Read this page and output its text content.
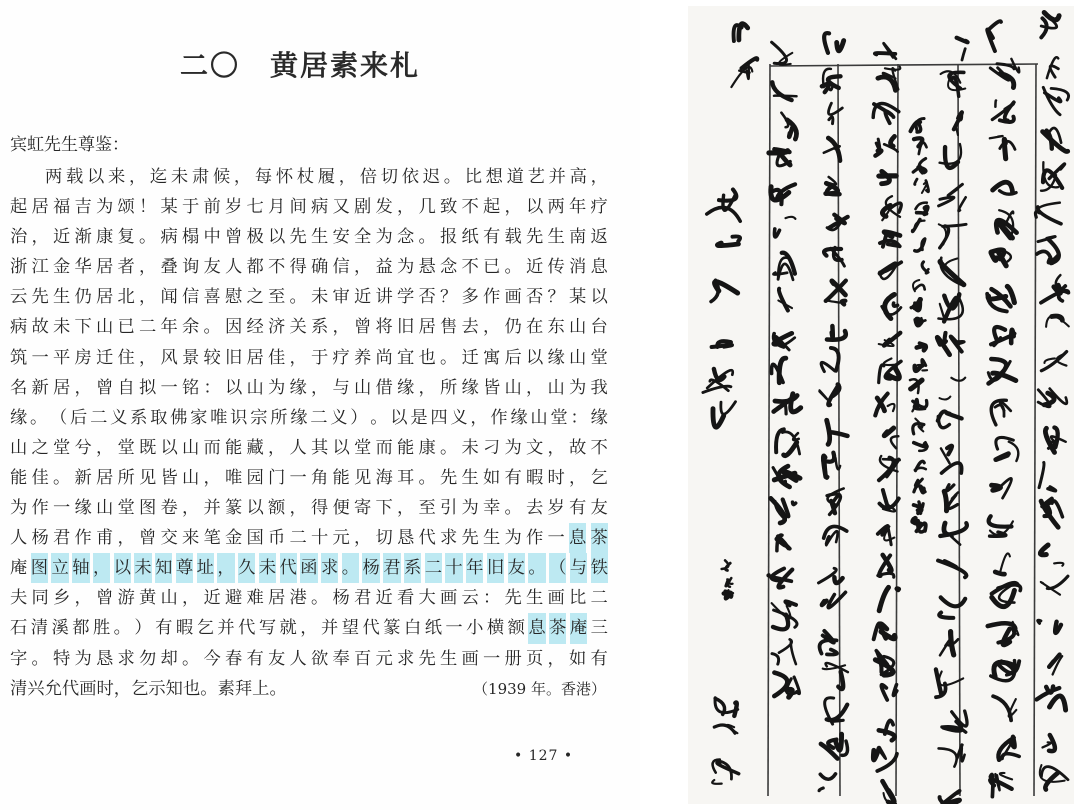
二〇 黄居素来札
宾虹先生尊鉴：
两 载 以 来 ， 迄 未 肃 候 ， 每 怀 杖 履 ， 倍 切 依 迟 。 比 想 道 艺 并 高 ，
起 居 福 吉 为 颂 ！ 某 于 前 岁 七 月 间 病 又 剧 发 ， 几 致 不 起 ， 以 两 年 疗
治 ， 近 渐 康 复 。 病 榻 中 曾 极 以 先 生 安 全 为 念 。 报 纸 有 载 先 生 南 返
浙 江 金 华 居 者 ， 叠 询 友 人 都 不 得 确 信 ， 益 为 悬 念 不 已 。 近 传 消 息
云 先 生 仍 居 北 ， 闻 信 喜 慰 之 至 。 未 审 近 讲 学 否 ？ 多 作 画 否 ？ 某 以
病 故 未 下 山 已 二 年 余 。 因 经 济 关 系 ， 曾 将 旧 居 售 去 ， 仍 在 东 山 台
筑 一 平 房 迁 住 ， 风 景 较 旧 居 佳 ， 于 疗 养 尚 宜 也 。 迁 寓 后 以 缘 山 堂
名 新 居 ， 曾 自 拟 一 铭 ： 以 山 为 缘 ， 与 山 借 缘 ， 所 缘 皆 山 ， 山 为 我
缘 。 （ 后 二 义 系 取 佛 家 唯 识 宗 所 缘 二 义 ） 。 以 是 四 义 ， 作 缘 山 堂 ： 缘
山 之 堂 兮 ， 堂 既 以 山 而 能 藏 ， 人 其 以 堂 而 能 康 。 未 刁 为 文 ， 故 不
能 佳 。 新 居 所 见 皆 山 ， 唯 园 门 一 角 能 见 海 耳 。 先 生 如 有 暇 时 ， 乞
为 作 一 缘 山 堂 图 卷 ， 并 篆 以 额 ， 得 便 寄 下 ， 至 引 为 幸 。 去 岁 有 友
人 杨 君 作 甫 ， 曾 交 来 笔 金 国 币 二 十 元 ， 切 恳 代 求 先 生 为 作 一 息 茶
庵 图 立 轴 ， 以 未 知 尊 址 ， 久 未 代 函 求 。 杨 君 系 二 十 年 旧 友 。 （ 与 铁
夫 同 乡 ， 曾 游 黄 山 ， 近 避 难 居 港 。 杨 君 近 看 大 画 云 ： 先 生 画 比 二
石 清 溪 都 胜 。 ） 有 暇 乞 并 代 写 就 ， 并 望 代 篆 白 纸 一 小 横 额 息 茶 庵 三
字 。 特 为 恳 求 勿 却 。 今 春 有 友 人 欲 奉 百 元 求 先 生 画 一 册 页 ， 如 有
清 兴 允 代 画 时 ， 乞 示 知 也 。 素 拜 上 。	（1939 年。香港）
• 127 •
